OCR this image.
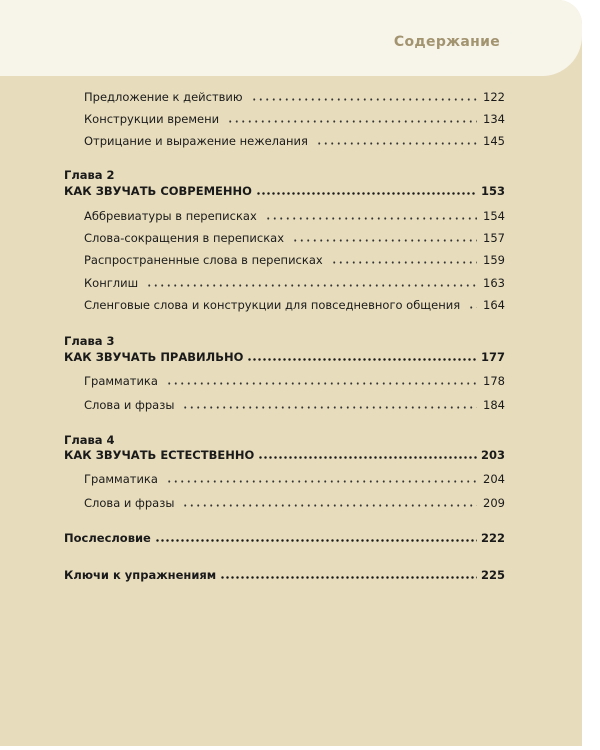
Содержание
Предложение к действию	122
Конструкции времени	134
Отрицание и выражение нежелания	145
Глава 2
КАК ЗВУЧАТЬ СОВРЕМЕННО	153
Аббревиатуры в переписках	154
Слова-сокращения в переписках	157
Распространенные слова в переписках	159
Конглиш	163
Сленговые слова и конструкции для повседневного общения 164
Глава 3
КАК ЗВУЧАТЬ ПРАВИЛЬНО	177
Грамматика	178
Слова и фразы	184
Глава 4
КАК ЗВУЧАТЬ ЕСТЕСТВЕННО	203
Грамматика	204
Слова и фразы	209
Послесловие	222
Ключи к упражнениям	225
